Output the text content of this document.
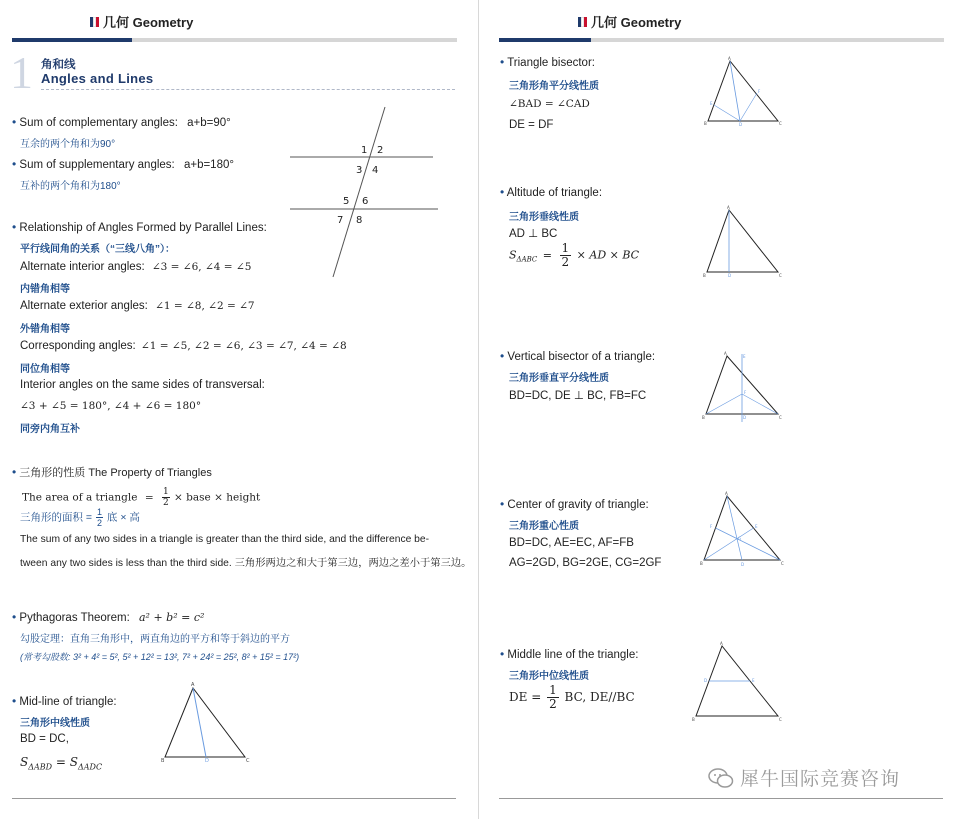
几何 Geometry
1 角和线
Angles and Lines
• Sum of complementary angles: a+b=90°
互余的两个角和为90°
• Sum of supplementary angles: a+b=180°
互补的两个角和为180°
1 2
3 4
5 6
7 8
• Relationship of Angles Formed by Parallel Lines:
平行线间角的关系（“三线八角”）：
Alternate interior angles: ∠3 = ∠6, ∠4 = ∠5
内错角相等
Alternate exterior angles: ∠1 = ∠8, ∠2 = ∠7
外错角相等
Corresponding angles: ∠1 = ∠5, ∠2 = ∠6, ∠3 = ∠7, ∠4 = ∠8
同位角相等
Interior angles on the same sides of transversal:
∠3 + ∠5 = 180°, ∠4 + ∠6 = 180°
同旁内角互补
• 三角形的性质 The Property of Triangles
The area of a triangle = $\frac{1}{2}$ × base × height
三角形的面积 = $\frac{1}{2}$ 底 × 高
The sum of any two sides in a triangle is greater than the third side, and the difference be-
tween any two sides is less than the third side. 三角形两边之和大于第三边，两边之差小于第三边。
• Pythagoras Theorem: a² + b² = c²
勾股定理：直角三角形中，两直角边的平方和等于斜边的平方
(常考勾股数: 3² + 4² = 5², 5² + 12² = 13², 7² + 24² = 25², 8² + 15² = 17²)
• Mid-line of triangle:
三角形中线性质
BD = DC,
$S_{\Delta ABD} = S_{\Delta ADC}$
A
B	C
D
几何 Geometry
• Triangle bisector:
三角形角平分线性质
∠BAD = ∠CAD
DE = DF
A
B	C
D
E
F
• Altitude of triangle:
三角形垂线性质
AD ⊥ BC
$S_{\Delta ABC} = \frac{1}{2}$ × AD × BC
A
B	C
D
• Vertical bisector of a triangle:
三角形垂直平分线性质
BD=DC, DE ⊥ BC, FB=FC
A
B	C
D
E
F
• Center of gravity of triangle:
三角形重心性质
BD=DC, AE=EC, AF=FB
AG=2GD, BG=2GE, CG=2GF
A
B	C
D
E
F
G
• Middle line of the triangle:
三角形中位线性质
DE = $\frac{1}{2}$ BC, DE//BC
A
B	C
D	E
犀牛国际竞赛咨询
